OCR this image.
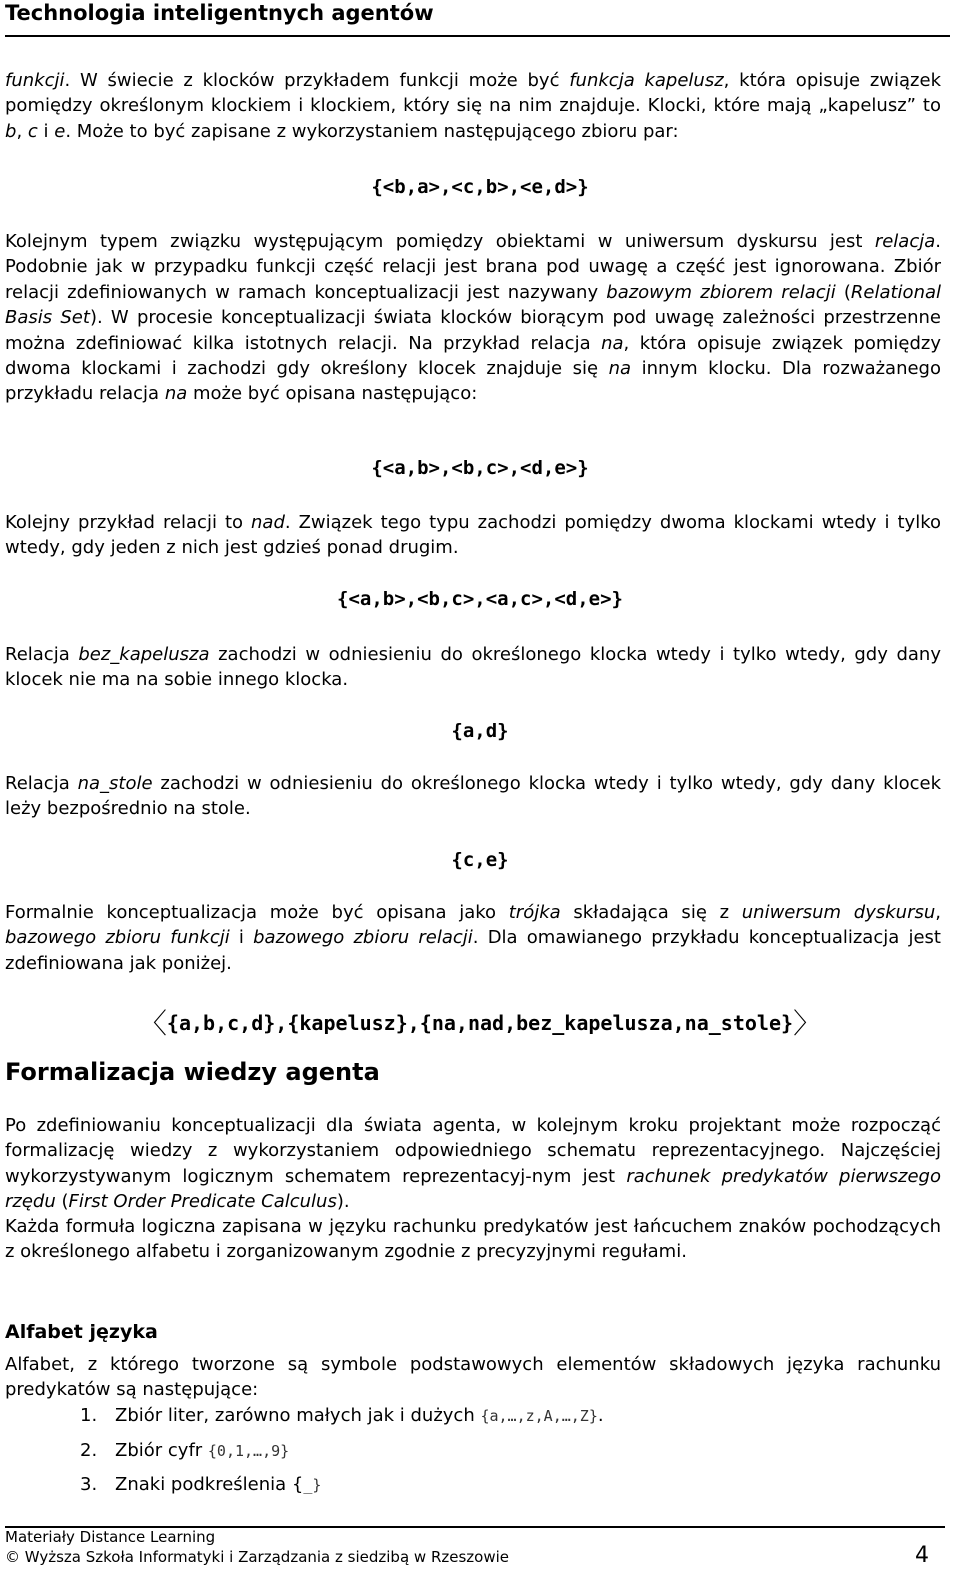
Technologia inteligentnych agentów

funkcji. W świecie z klocków przykładem funkcji może być funkcja kapelusz, która opisuje związek pomiędzy określonym klockiem i klockiem, który się na nim znajduje. Klocki, które mają „kapelusz” to b, c i e. Może to być zapisane z wykorzystaniem następującego zbioru par:

{<b,a>,<c,b>,<e,d>}

Kolejnym typem związku występującym pomiędzy obiektami w uniwersum dyskursu jest relacja. Podobnie jak w przypadku funkcji część relacji jest brana pod uwagę a część jest ignorowana. Zbiór relacji zdefiniowanych w ramach konceptualizacji jest nazywany bazowym zbiorem relacji (Relational Basis Set). W procesie konceptualizacji świata klocków biorącym pod uwagę zależności przestrzenne można zdefiniować kilka istotnych relacji. Na przykład relacja na, która opisuje związek pomiędzy dwoma klockami i zachodzi gdy określony klocek znajduje się na innym klocku. Dla rozważanego przykładu relacja na może być opisana następująco:

{<a,b>,<b,c>,<d,e>}

Kolejny przykład relacji to nad. Związek tego typu zachodzi pomiędzy dwoma klockami wtedy i tylko wtedy, gdy jeden z nich jest gdzieś ponad drugim.

{<a,b>,<b,c>,<a,c>,<d,e>}

Relacja bez_kapelusza zachodzi w odniesieniu do określonego klocka wtedy i tylko wtedy, gdy dany klocek nie ma na sobie innego klocka.

{a,d}

Relacja na_stole zachodzi w odniesieniu do określonego klocka wtedy i tylko wtedy, gdy dany klocek leży bezpośrednio na stole.

{c,e}

Formalnie konceptualizacja może być opisana jako trójka składająca się z uniwersum dyskursu, bazowego zbioru funkcji i bazowego zbioru relacji. Dla omawianego przykładu konceptualizacja jest zdefiniowana jak poniżej.

〈{a,b,c,d},{kapelusz},{na,nad,bez_kapelusza,na_stole}〉
Formalizacja wiedzy agenta

Po zdefiniowaniu konceptualizacji dla świata agenta, w kolejnym kroku projektant może rozpocząć formalizację wiedzy z wykorzystaniem odpowiedniego schematu reprezentacyjnego. Najczęściej wykorzystywanym logicznym schematem reprezentacyj-nym jest rachunek predykatów pierwszego rzędu (First Order Predicate Calculus).

Każda formuła logiczna zapisana w języku rachunku predykatów jest łańcuchem znaków pochodzących z określonego alfabetu i zorganizowanym zgodnie z precyzyjnymi regułami.

Alfabet języka

Alfabet, z którego tworzone są symbole podstawowych elementów składowych języka rachunku predykatów są następujące:

1. Zbiór liter, zarówno małych jak i dużych {a,…,z,A,…,Z}.
2. Zbiór cyfr {0,1,…,9}
3. Znaki podkreślenia {_}
Materiały Distance Learning
© Wyższa Szkoła Informatyki i Zarządzania z siedzibą w Rzeszowie	4
